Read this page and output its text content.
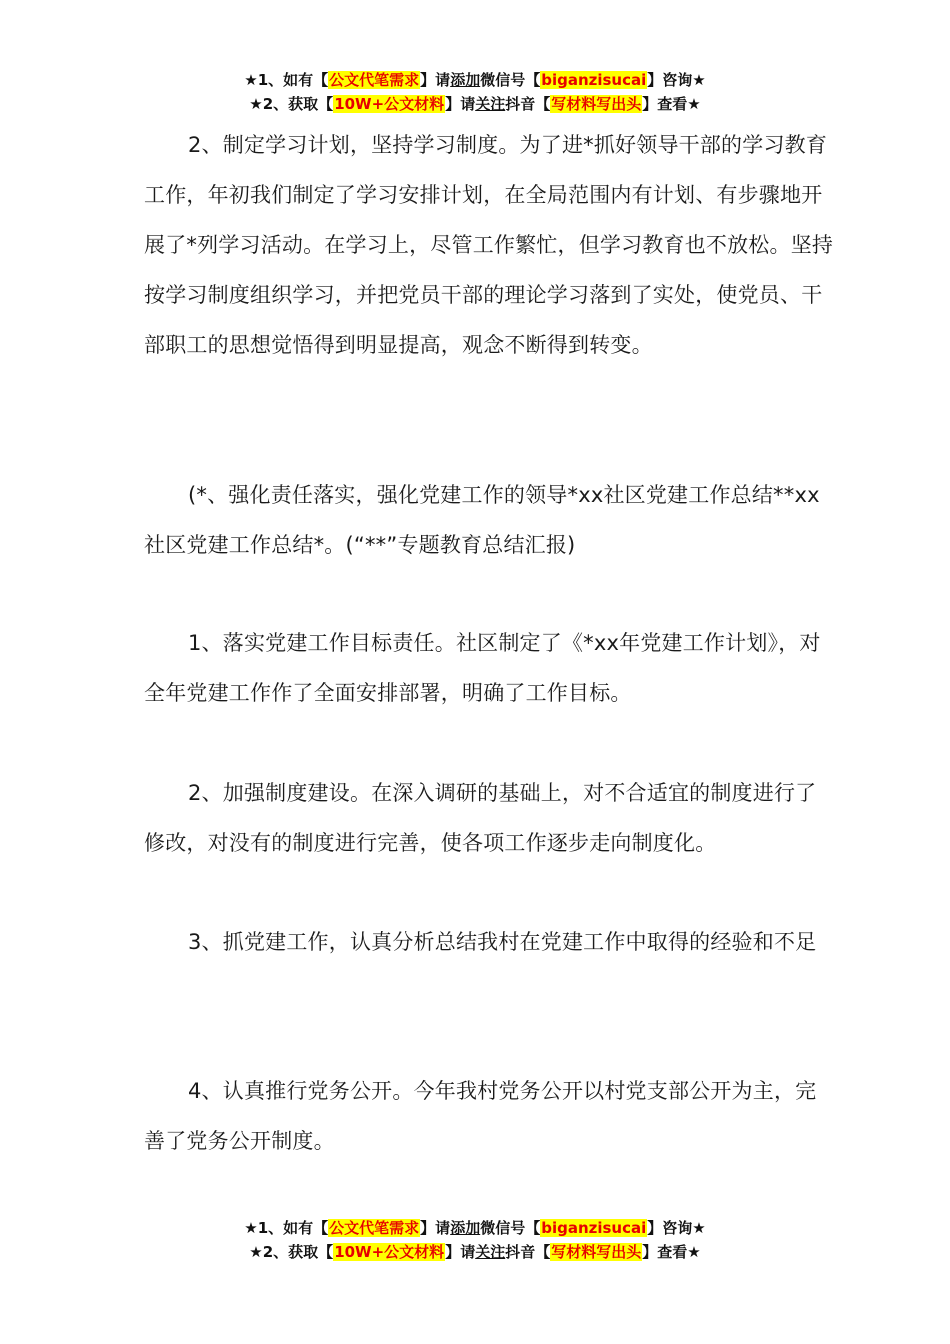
★1、如有【公文代笔需求】请添加微信号【biganzisucai】咨询★
★2、获取【10W+公文材料】请关注抖音【写材料写出头】查看★

2、制定学习计划，坚持学习制度。为了进*抓好领导干部的学习教育工作，年初我们制定了学习安排计划，在全局范围内有计划、有步骤地开展了*列学习活动。在学习上，尽管工作繁忙，但学习教育也不放松。坚持按学习制度组织学习，并把党员干部的理论学习落到了实处，使党员、干部职工的思想觉悟得到明显提高，观念不断得到转变。

(*、强化责任落实，强化党建工作的领导*xx社区党建工作总结**xx社区党建工作总结*。(“**”专题教育总结汇报)

1、落实党建工作目标责任。社区制定了《*xx年党建工作计划》，对全年党建工作作了全面安排部署，明确了工作目标。

2、加强制度建设。在深入调研的基础上，对不合适宜的制度进行了修改，对没有的制度进行完善，使各项工作逐步走向制度化。

3、抓党建工作，认真分析总结我村在党建工作中取得的经验和不足

4、认真推行党务公开。今年我村党务公开以村党支部公开为主，完善了党务公开制度。

★1、如有【公文代笔需求】请添加微信号【biganzisucai】咨询★
★2、获取【10W+公文材料】请关注抖音【写材料写出头】查看★
